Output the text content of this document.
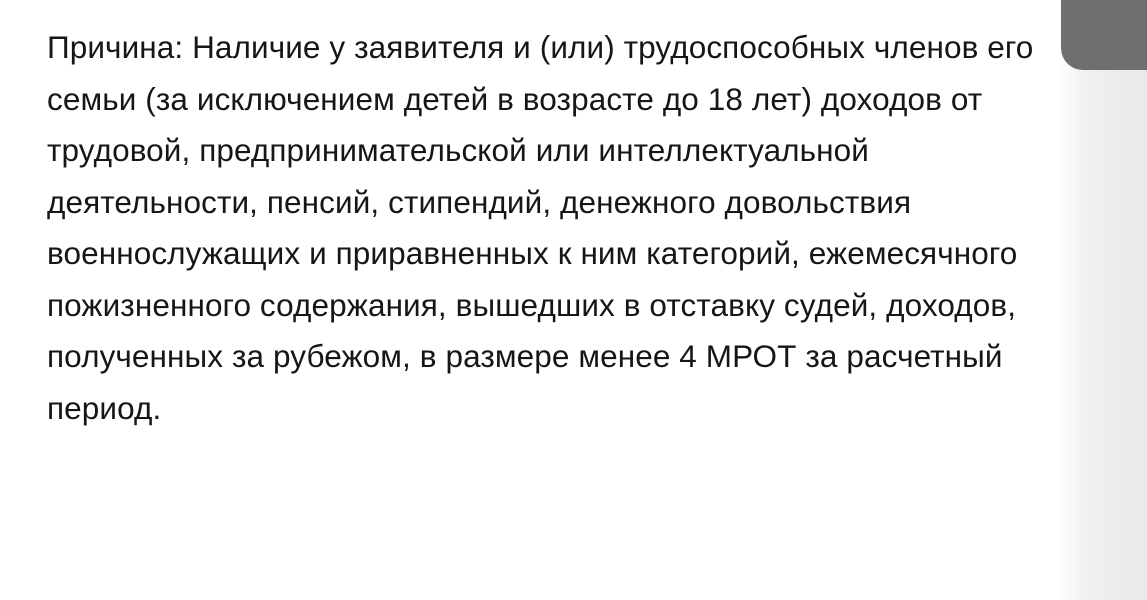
Причина: Наличие у заявителя и (или) трудоспособных членов его семьи (за исключением детей в возрасте до 18 лет) доходов от трудовой, предпринимательской или интеллектуальной деятельности, пенсий, стипендий, денежного довольствия военнослужащих и приравненных к ним категорий, ежемесячного пожизненного содержания, вышедших в отставку судей, доходов, полученных за рубежом, в размере менее 4 МРОТ за расчетный период.
